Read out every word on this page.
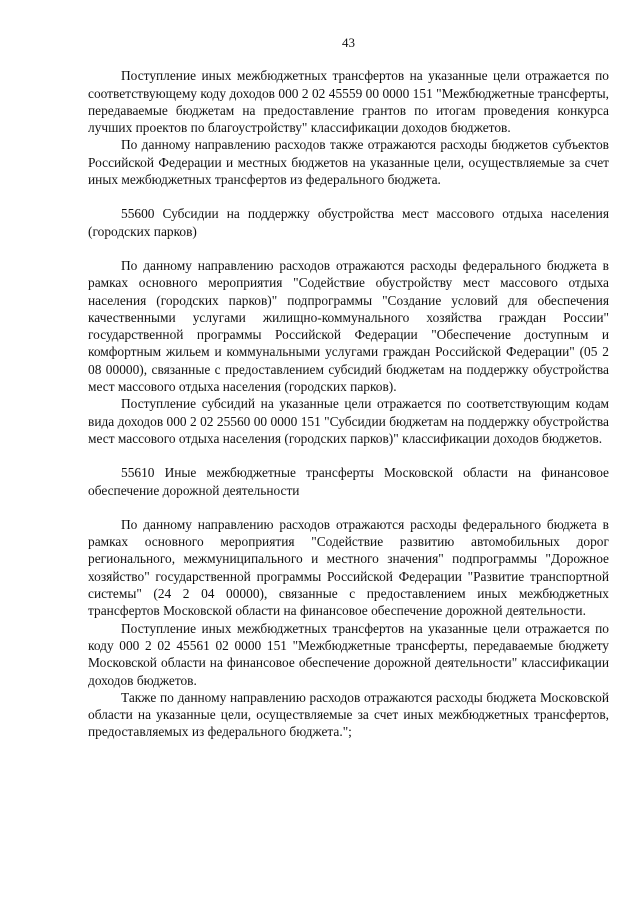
43

Поступление иных межбюджетных трансфертов на указанные цели отражается по соответствующему коду доходов 000 2 02 45559 00 0000 151 "Межбюджетные трансферты, передаваемые бюджетам на предоставление грантов по итогам проведения конкурса лучших проектов по благоустройству" классификации доходов бюджетов.

По данному направлению расходов также отражаются расходы бюджетов субъектов Российской Федерации и местных бюджетов на указанные цели, осуществляемые за счет иных межбюджетных трансфертов из федерального бюджета.

55600 Субсидии на поддержку обустройства мест массового отдыха населения (городских парков)

По данному направлению расходов отражаются расходы федерального бюджета в рамках основного мероприятия "Содействие обустройству мест массового отдыха населения (городских парков)" подпрограммы "Создание условий для обеспечения качественными услугами жилищно-коммунального хозяйства граждан России" государственной программы Российской Федерации "Обеспечение доступным и комфортным жильем и коммунальными услугами граждан Российской Федерации" (05 2 08 00000), связанные с предоставлением субсидий бюджетам на поддержку обустройства мест массового отдыха населения (городских парков).

Поступление субсидий на указанные цели отражается по соответствующим кодам вида доходов 000 2 02 25560 00 0000 151 "Субсидии бюджетам на поддержку обустройства мест массового отдыха населения (городских парков)" классификации доходов бюджетов.

55610 Иные межбюджетные трансферты Московской области на финансовое обеспечение дорожной деятельности

По данному направлению расходов отражаются расходы федерального бюджета в рамках основного мероприятия "Содействие развитию автомобильных дорог регионального, межмуниципального и местного значения" подпрограммы "Дорожное хозяйство" государственной программы Российской Федерации "Развитие транспортной системы" (24 2 04 00000), связанные с предоставлением иных межбюджетных трансфертов Московской области на финансовое обеспечение дорожной деятельности.

Поступление иных межбюджетных трансфертов на указанные цели отражается по коду 000 2 02 45561 02 0000 151 "Межбюджетные трансферты, передаваемые бюджету Московской области на финансовое обеспечение дорожной деятельности" классификации доходов бюджетов.

Также по данному направлению расходов отражаются расходы бюджета Московской области на указанные цели, осуществляемые за счет иных межбюджетных трансфертов, предоставляемых из федерального бюджета.";
